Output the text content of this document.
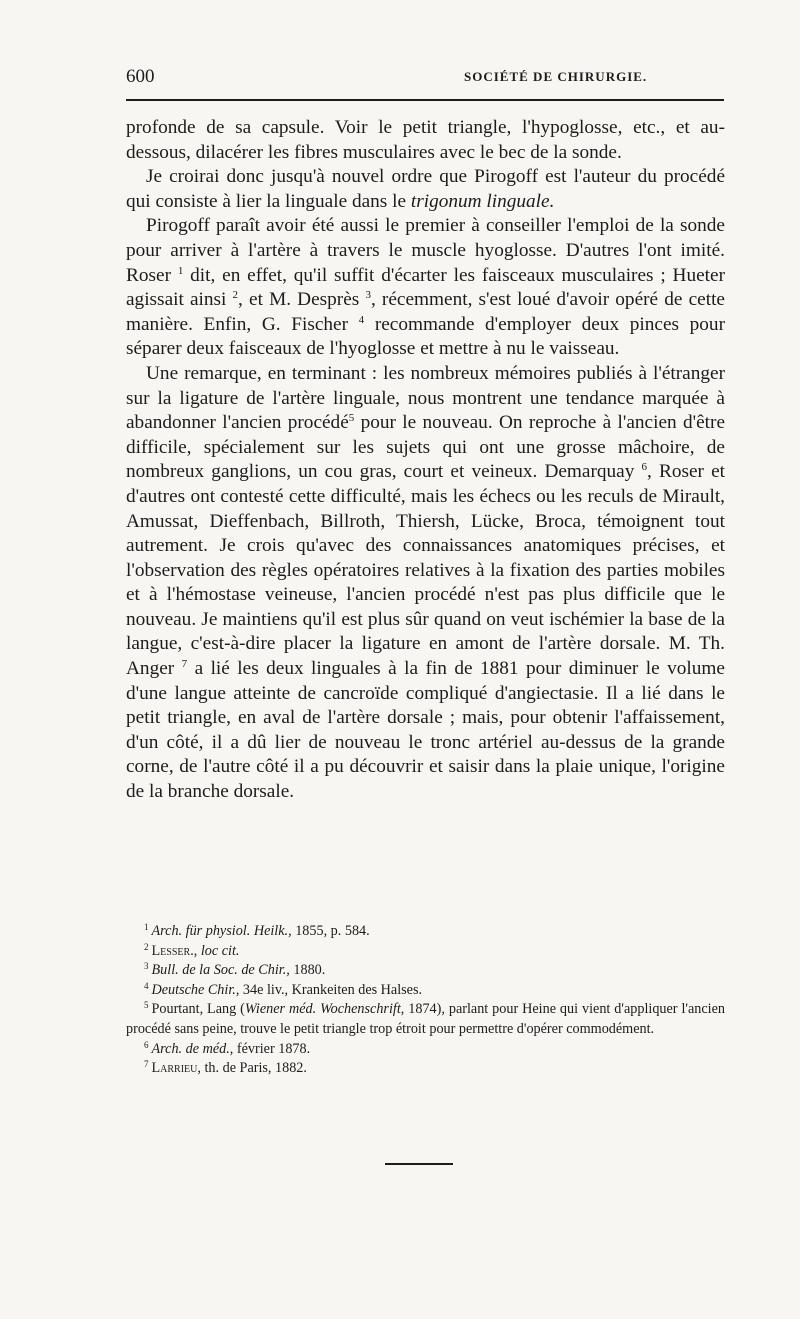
600	SOCIÉTÉ DE CHIRURGIE.

profonde de sa capsule. Voir le petit triangle, l'hypoglosse, etc., et au-dessous, dilacérer les fibres musculaires avec le bec de la sonde.

Je croirai donc jusqu'à nouvel ordre que Pirogoff est l'auteur du procédé qui consiste à lier la linguale dans le trigonum linguale.

Pirogoff paraît avoir été aussi le premier à conseiller l'emploi de la sonde pour arriver à l'artère à travers le muscle hyoglosse. D'autres l'ont imité. Roser $^1$ dit, en effet, qu'il suffit d'écarter les faisceaux musculaires ; Hueter agissait ainsi $^2$, et M. Desprès $^3$, récemment, s'est loué d'avoir opéré de cette manière. Enfin, G. Fischer $^4$ recommande d'employer deux pinces pour séparer deux faisceaux de l'hyoglosse et mettre à nu le vaisseau.

Une remarque, en terminant : les nombreux mémoires publiés à l'étranger sur la ligature de l'artère linguale, nous montrent une tendance marquée à abandonner l'ancien procédé$^5$ pour le nouveau. On reproche à l'ancien d'être difficile, spécialement sur les sujets qui ont une grosse mâchoire, de nombreux ganglions, un cou gras, court et veineux. Demarquay $^6$, Roser et d'autres ont contesté cette difficulté, mais les échecs ou les reculs de Mirault, Amussat, Dieffenbach, Billroth, Thiersh, Lücke, Broca, témoignent tout autrement. Je crois qu'avec des connaissances anatomiques précises, et l'observation des règles opératoires relatives à la fixation des parties mobiles et à l'hémostase veineuse, l'ancien procédé n'est pas plus difficile que le nouveau. Je maintiens qu'il est plus sûr quand on veut ischémier la base de la langue, c'est-à-dire placer la ligature en amont de l'artère dorsale. M. Th. Anger $^7$ a lié les deux linguales à la fin de 1881 pour diminuer le volume d'une langue atteinte de cancroïde compliqué d'angiectasie. Il a lié dans le petit triangle, en aval de l'artère dorsale ; mais, pour obtenir l'affaissement, d'un côté, il a dû lier de nouveau le tronc artériel au-dessus de la grande corne, de l'autre côté il a pu découvrir et saisir dans la plaie unique, l'origine de la branche dorsale.

$^1$ Arch. für physiol. Heilk., 1855, p. 584.

$^2$ Lesser., loc cit.

$^3$ Bull. de la Soc. de Chir., 1880.

$^4$ Deutsche Chir., 34e liv., Krankeiten des Halses.

$^5$ Pourtant, Lang (Wiener méd. Wochenschrift, 1874), parlant pour Heine qui vient d'appliquer l'ancien procédé sans peine, trouve le petit triangle trop étroit pour permettre d'opérer commodément.

$^6$ Arch. de méd., février 1878.

$^7$ Larrieu, th. de Paris, 1882.
